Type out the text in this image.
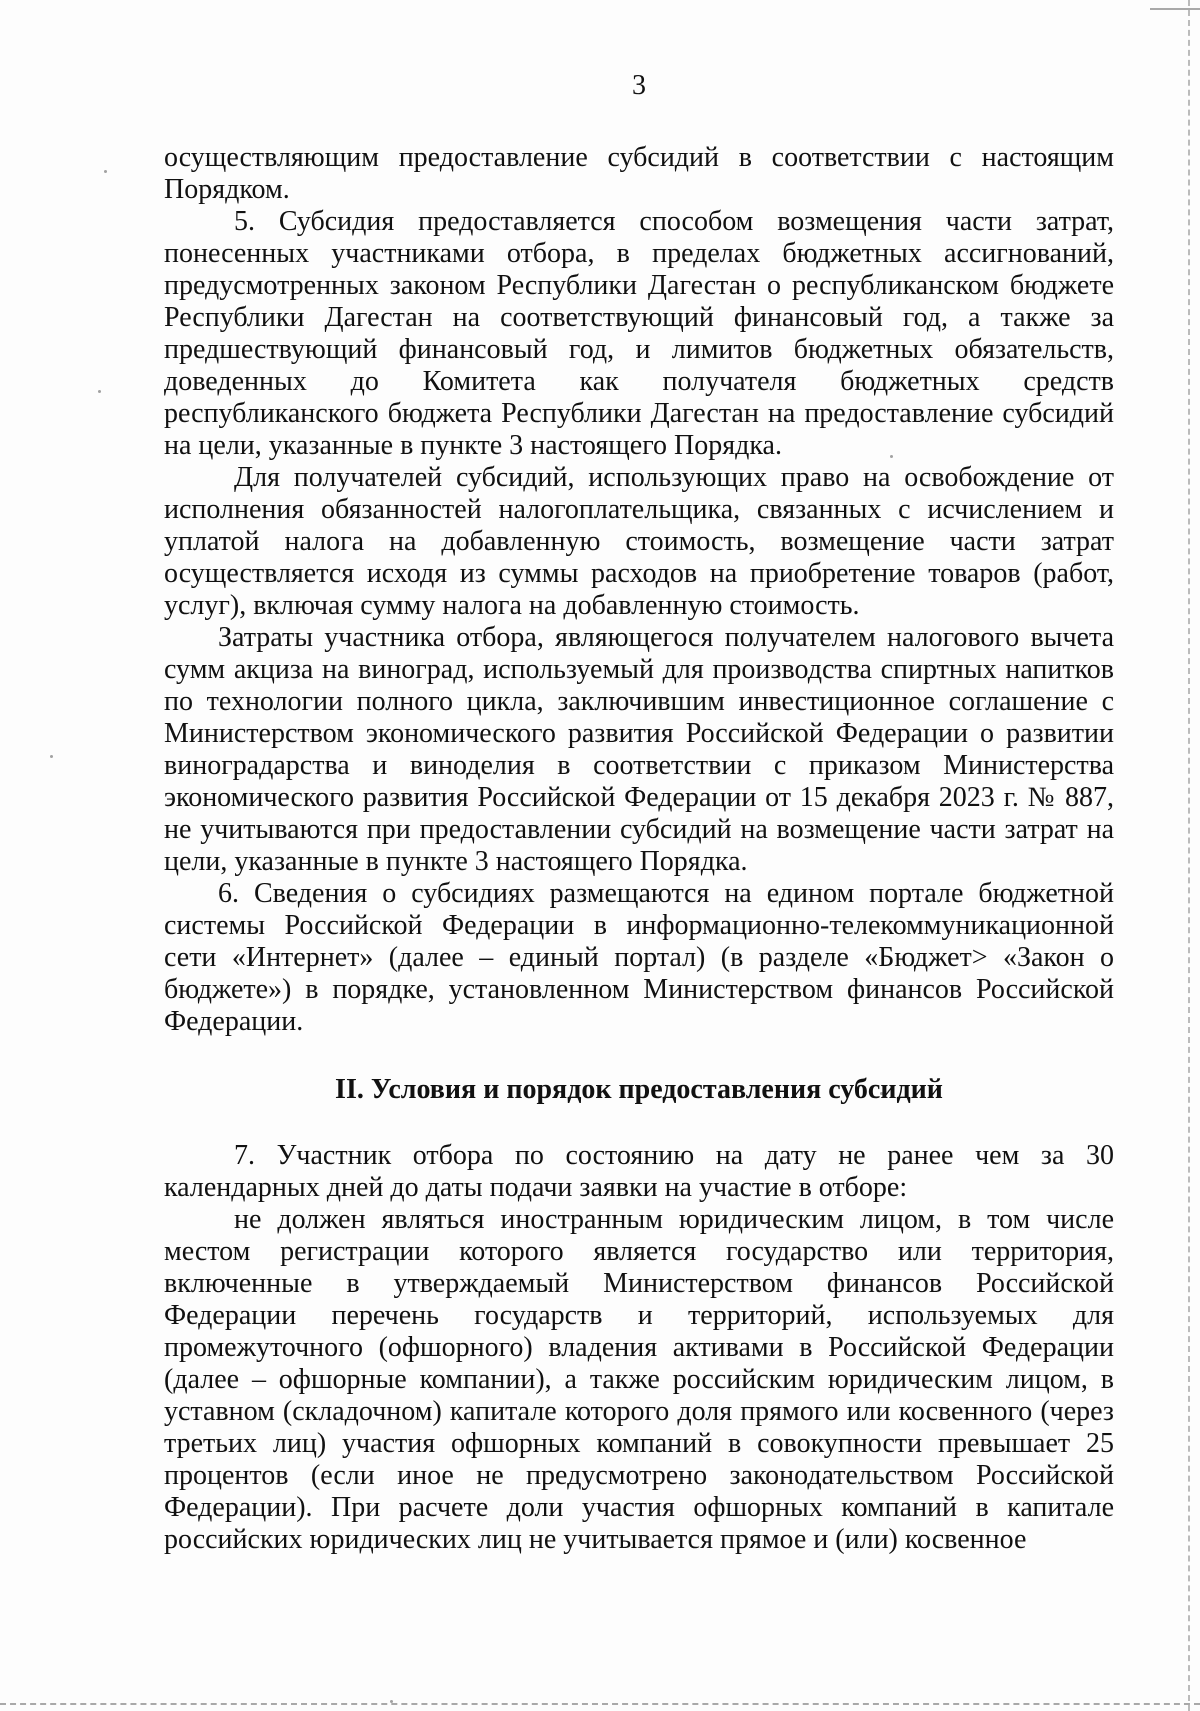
3

осуществляющим предоставление субсидий в соответствии с настоящим Порядком.

5. Субсидия предоставляется способом возмещения части затрат, понесенных участниками отбора, в пределах бюджетных ассигнований, предусмотренных законом Республики Дагестан о республиканском бюджете Республики Дагестан на соответствующий финансовый год, а также за предшествующий финансовый год, и лимитов бюджетных обязательств, доведенных до Комитета как получателя бюджетных средств республиканского бюджета Республики Дагестан на предоставление субсидий на цели, указанные в пункте 3 настоящего Порядка.

Для получателей субсидий, использующих право на освобождение от исполнения обязанностей налогоплательщика, связанных с исчислением и уплатой налога на добавленную стоимость, возмещение части затрат осуществляется исходя из суммы расходов на приобретение товаров (работ, услуг), включая сумму налога на добавленную стоимость.

Затраты участника отбора, являющегося получателем налогового вычета сумм акциза на виноград, используемый для производства спиртных напитков по технологии полного цикла, заключившим инвестиционное соглашение с Министерством экономического развития Российской Федерации о развитии виноградарства и виноделия в соответствии с приказом Министерства экономического развития Российской Федерации от 15 декабря 2023 г. № 887, не учитываются при предоставлении субсидий на возмещение части затрат на цели, указанные в пункте 3 настоящего Порядка.

6. Сведения о субсидиях размещаются на едином портале бюджетной системы Российской Федерации в информационно-телекоммуникационной сети «Интернет» (далее – единый портал) (в разделе «Бюджет> «Закон о бюджете») в порядке, установленном Министерством финансов Российской Федерации.

II. Условия и порядок предоставления субсидий

7. Участник отбора по состоянию на дату не ранее чем за 30 календарных дней до даты подачи заявки на участие в отборе:

не должен являться иностранным юридическим лицом, в том числе местом регистрации которого является государство или территория, включенные в утверждаемый Министерством финансов Российской Федерации перечень государств и территорий, используемых для промежуточного (офшорного) владения активами в Российской Федерации (далее – офшорные компании), а также российским юридическим лицом, в уставном (складочном) капитале которого доля прямого или косвенного (через третьих лиц) участия офшорных компаний в совокупности превышает 25 процентов (если иное не предусмотрено законодательством Российской Федерации). При расчете доли участия офшорных компаний в капитале российских юридических лиц не учитывается прямое и (или) косвенное
